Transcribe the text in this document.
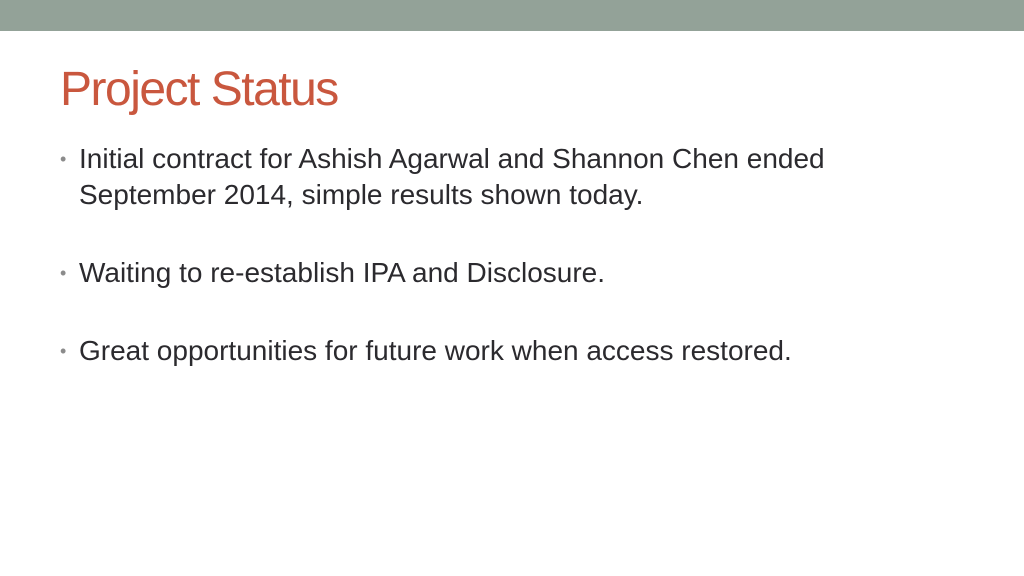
Project Status
• Initial contract for Ashish Agarwal and Shannon Chen ended September 2014, simple results shown today.
• Waiting to re-establish IPA and Disclosure.
• Great opportunities for future work when access restored.
